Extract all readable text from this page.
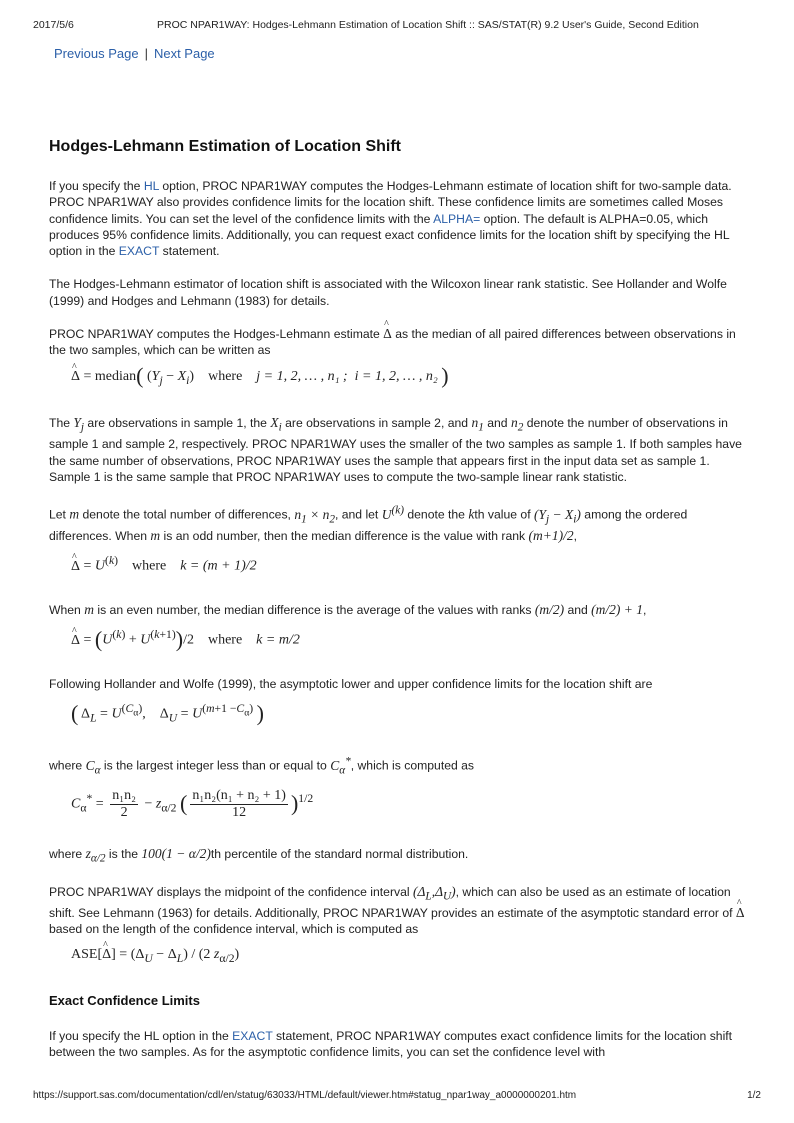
2017/5/6	PROC NPAR1WAY: Hodges-Lehmann Estimation of Location Shift :: SAS/STAT(R) 9.2 User's Guide, Second Edition
Previous Page | Next Page
Hodges-Lehmann Estimation of Location Shift

If you specify the HL option, PROC NPAR1WAY computes the Hodges-Lehmann estimate of location shift for two-sample data. PROC NPAR1WAY also provides confidence limits for the location shift. These confidence limits are sometimes called Moses confidence limits. You can set the level of the confidence limits with the ALPHA= option. The default is ALPHA=0.05, which produces 95% confidence limits. Additionally, you can request exact confidence limits for the location shift by specifying the HL option in the EXACT statement.

The Hodges-Lehmann estimator of location shift is associated with the Wilcoxon linear rank statistic. See Hollander and Wolfe (1999) and Hodges and Lehmann (1983) for details.

PROC NPAR1WAY computes the Hodges-Lehmann estimate ^ Δ as the median of all paired differences between observations in the two samples, which can be written as

^ Δ = median( $(Y_j - X_i)$    where j = 1, 2, … , n₁ ; i = 1, 2, … , n₂ )

The $Y_j$ are observations in sample 1, the $X_i$ are observations in sample 2, and $n_1$ and $n_2$ denote the number of observations in sample 1 and sample 2, respectively. PROC NPAR1WAY uses the smaller of the two samples as sample 1. If both samples have the same number of observations, PROC NPAR1WAY uses the sample that appears first in the input data set as sample 1. Sample 1 is the same sample that PROC NPAR1WAY uses to compute the two-sample linear rank statistic.

Let m denote the total number of differences, $n_1 \times n_2$, and let $U^{(k)}$ denote the kth value of $(Y_j - X_i)$ among the ordered differences. When m is an odd number, then the median difference is the value with rank (m+1)/2,

^ $\Delta = U^{(k)}$ where k = (m + 1)/2

When m is an even number, the median difference is the average of the values with ranks (m/2) and (m/2) + 1,

^ $\Delta = (U^{(k)} + U^{(k+1)})/2$    where k = m/2

Following Hollander and Wolfe (1999), the asymptotic lower and upper confidence limits for the location shift are

( $\Delta_L = U^{(C_\alpha)}$,    $\Delta_U = U^{(m+1 -C_\alpha)}$ )

where $C_\alpha$ is the largest integer less than or equal to $C_\alpha^*$, which is computed as

$C_\alpha^* = \frac{\text{n₁n₂}}{2} - z_{\alpha/2}$ ( $\frac{\text{n₁n₂(n₁ + n₂ + 1)}}{12} )^{1/2}$

where $z_{\alpha/2}$ is the 100(1 − α/2)th percentile of the standard normal distribution.

PROC NPAR1WAY displays the midpoint of the confidence interval $(\Delta_L,\Delta_U)$, which can also be used as an estimate of location shift. See Lehmann (1963) for details. Additionally, PROC NPAR1WAY provides an estimate of the asymptotic standard error of ^ Δ based on the length of the confidence interval, which is computed as

ASE[^ $\Delta] = (\Delta_U - \Delta_L) / (2$ $z_{\alpha/2}$)
Exact Confidence Limits

If you specify the HL option in the EXACT statement, PROC NPAR1WAY computes exact confidence limits for the location shift between the two samples. As for the asymptotic confidence limits, you can set the confidence level with

https://support.sas.com/documentation/cdl/en/statug/63033/HTML/default/viewer.htm#statug_npar1way_a0000000201.htm	1/2
